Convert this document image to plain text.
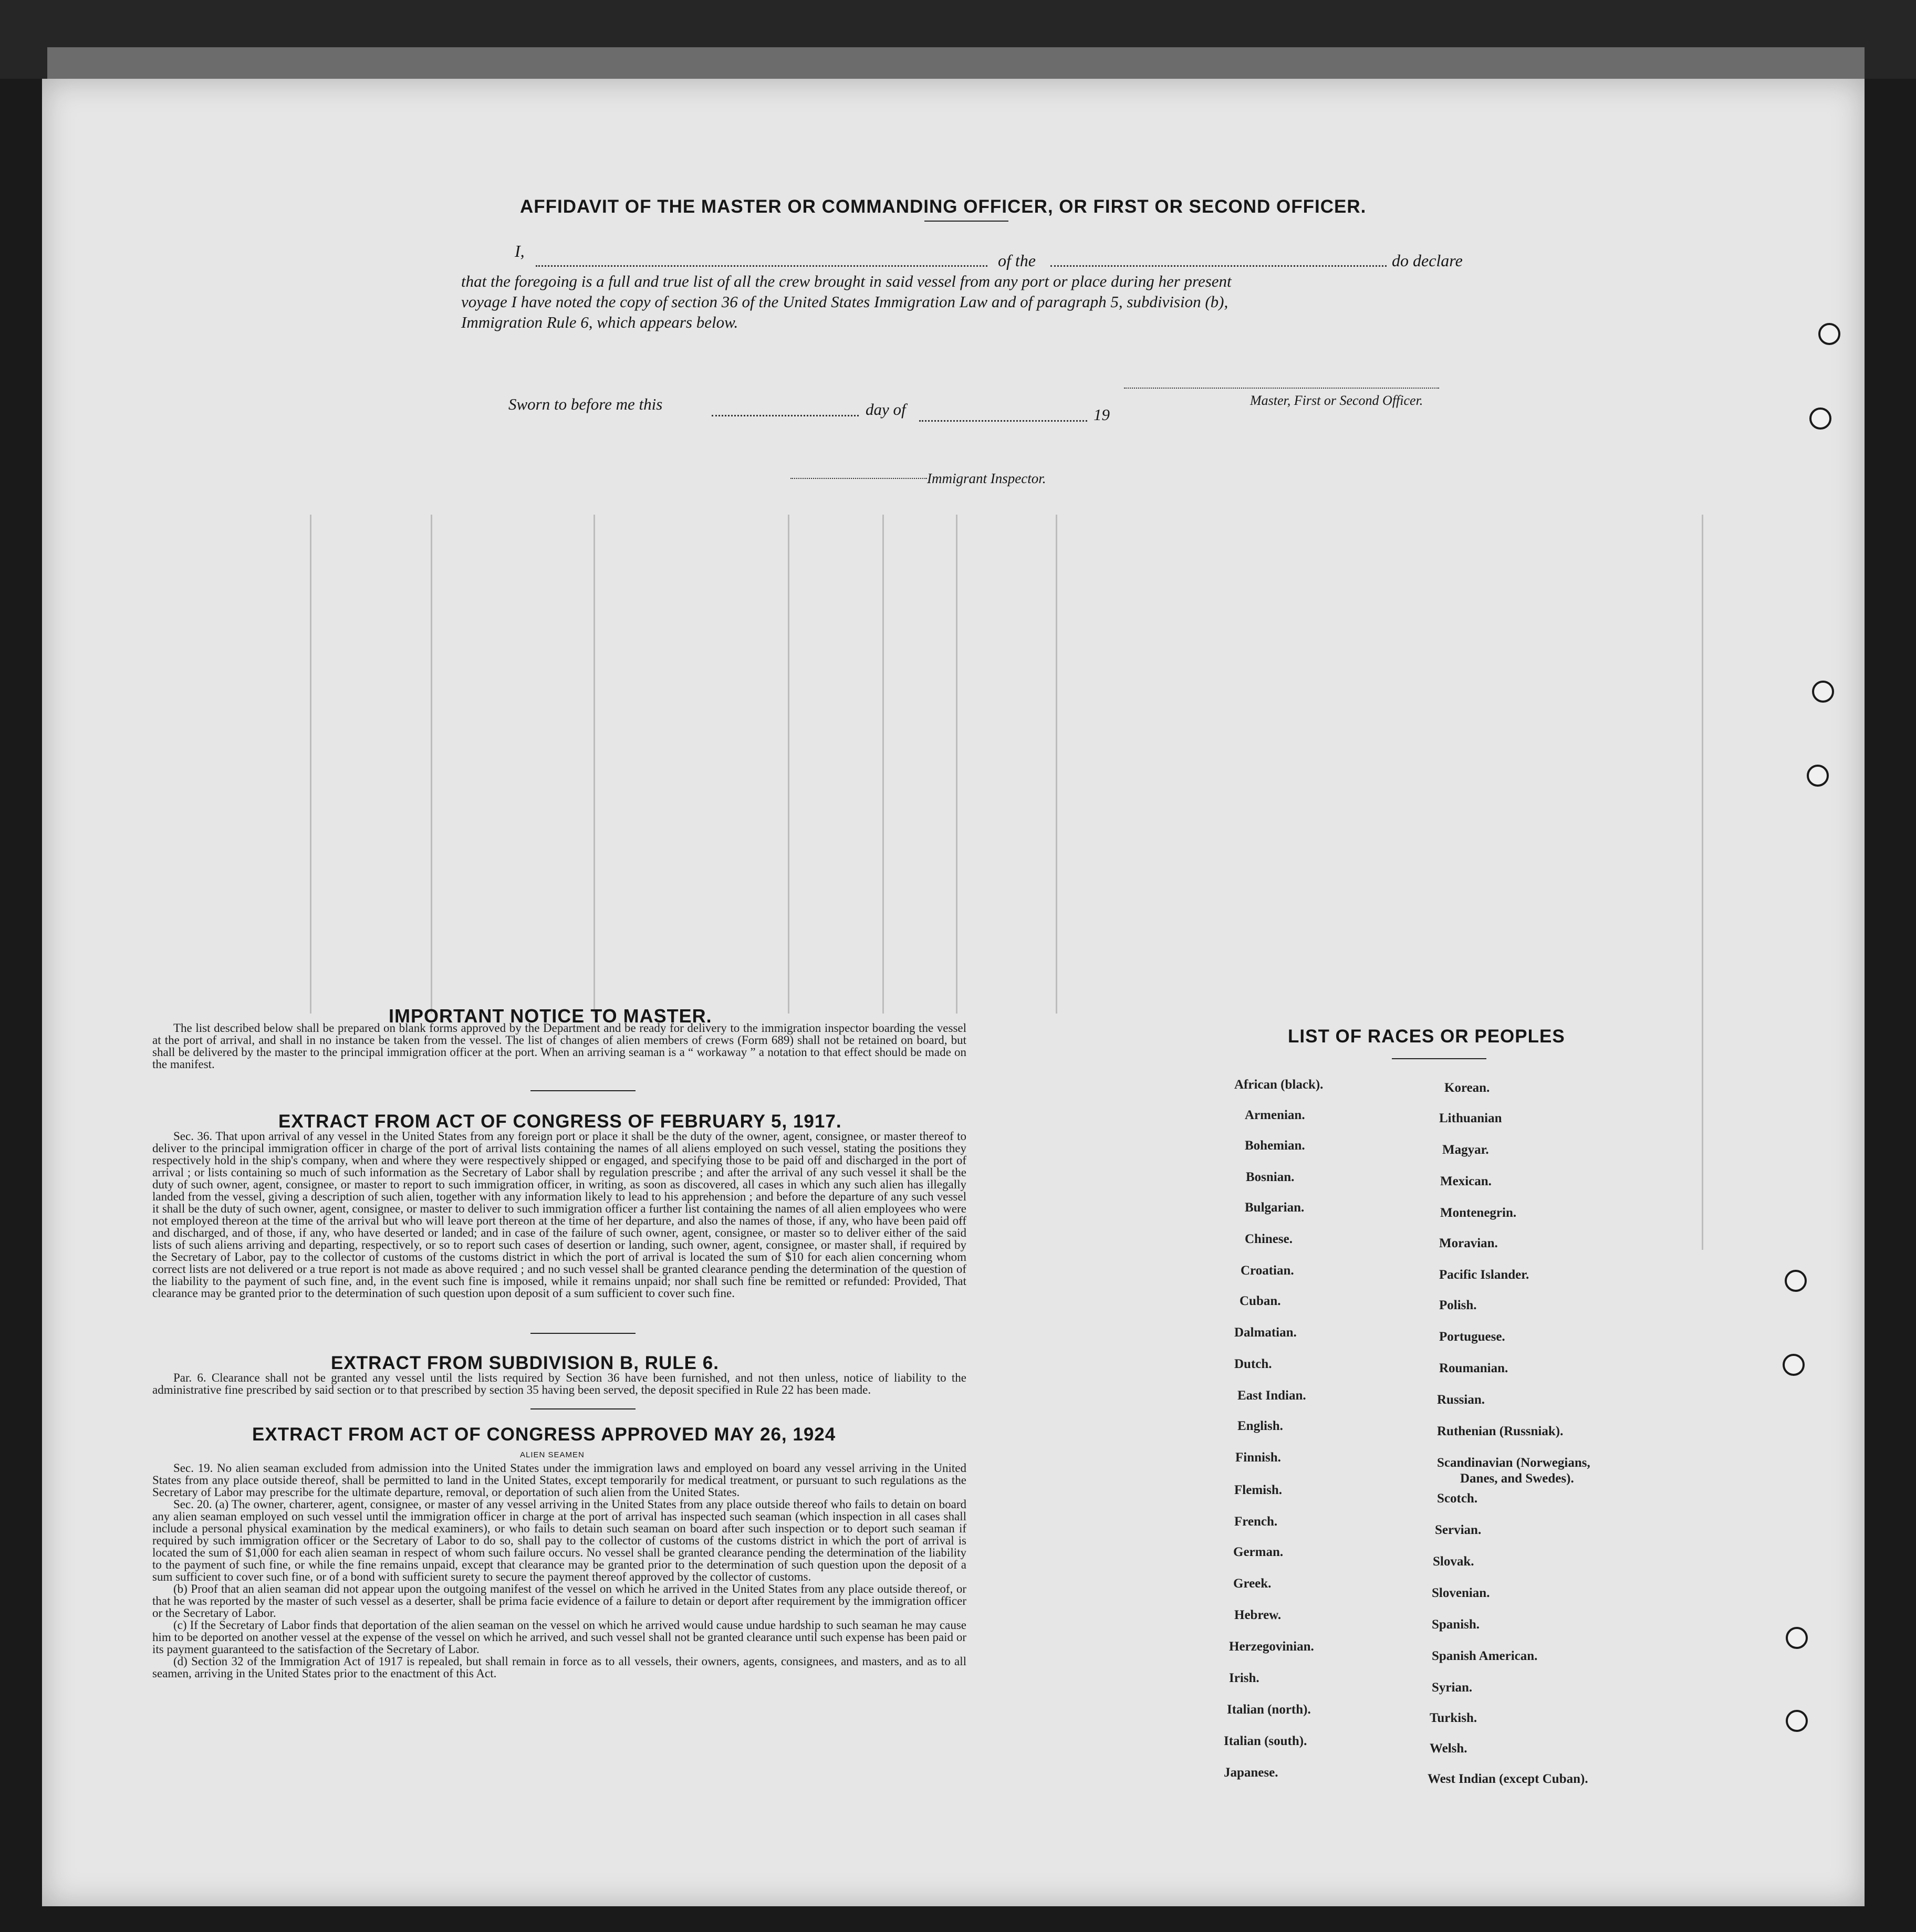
AFFIDAVIT OF THE MASTER OR COMMANDING OFFICER, OR FIRST OR SECOND OFFICER.
I,	of the	do declare
that the foregoing is a full and true list of all the crew brought in said vessel from any port or place during her present
voyage I have noted the copy of section 36 of the United States Immigration Law and of paragraph 5, subdivision (b),
Immigration Rule 6, which appears below.
Master, First or Second Officer.
Sworn to before me this	day of	19
Immigrant Inspector.
IMPORTANT NOTICE TO MASTER.

The list described below shall be prepared on blank forms approved by the Department and be ready for delivery to the immigration inspector boarding the vessel at the port of arrival, and shall in no instance be taken from the vessel. The list of changes of alien members of crews (Form 689) shall not be retained on board, but shall be delivered by the master to the principal immigration officer at the port. When an arriving seaman is a “ workaway ” a notation to that effect should be made on the manifest.

EXTRACT FROM ACT OF CONGRESS OF FEBRUARY 5, 1917.

Sec. 36. That upon arrival of any vessel in the United States from any foreign port or place it shall be the duty of the owner, agent, consignee, or master thereof to deliver to the principal immigration officer in charge of the port of arrival lists containing the names of all aliens employed on such vessel, stating the positions they respectively hold in the ship's company, when and where they were respectively shipped or engaged, and specifying those to be paid off and discharged in the port of arrival ; or lists containing so much of such information as the Secretary of Labor shall by regulation prescribe ; and after the arrival of any such vessel it shall be the duty of such owner, agent, consignee, or master to report to such immigration officer, in writing, as soon as discovered, all cases in which any such alien has illegally landed from the vessel, giving a description of such alien, together with any information likely to lead to his apprehension ; and before the departure of any such vessel it shall be the duty of such owner, agent, consignee, or master to deliver to such immigration officer a further list containing the names of all alien employees who were not employed thereon at the time of the arrival but who will leave port thereon at the time of her departure, and also the names of those, if any, who have been paid off and discharged, and of those, if any, who have deserted or landed; and in case of the failure of such owner, agent, consignee, or master so to deliver either of the said lists of such aliens arriving and departing, respectively, or so to report such cases of desertion or landing, such owner, agent, consignee, or master shall, if required by the Secretary of Labor, pay to the collector of customs of the customs district in which the port of arrival is located the sum of $10 for each alien concerning whom correct lists are not delivered or a true report is not made as above required ; and no such vessel shall be granted clearance pending the determination of the question of the liability to the payment of such fine, and, in the event such fine is imposed, while it remains unpaid; nor shall such fine be remitted or refunded: Provided, That clearance may be granted prior to the determination of such question upon deposit of a sum sufficient to cover such fine.

EXTRACT FROM SUBDIVISION B, RULE 6.

Par. 6. Clearance shall not be granted any vessel until the lists required by Section 36 have been furnished, and not then unless, notice of liability to the administrative fine prescribed by said section or to that prescribed by section 35 having been served, the deposit specified in Rule 22 has been made.

EXTRACT FROM ACT OF CONGRESS APPROVED MAY 26, 1924
ALIEN SEAMEN

Sec. 19. No alien seaman excluded from admission into the United States under the immigration laws and employed on board any vessel arriving in the United States from any place outside thereof, shall be permitted to land in the United States, except temporarily for medical treatment, or pursuant to such regulations as the Secretary of Labor may prescribe for the ultimate departure, removal, or deportation of such alien from the United States.

Sec. 20. (a) The owner, charterer, agent, consignee, or master of any vessel arriving in the United States from any place outside thereof who fails to detain on board any alien seaman employed on such vessel until the immigration officer in charge at the port of arrival has inspected such seaman (which inspection in all cases shall include a personal physical examination by the medical examiners), or who fails to detain such seaman on board after such inspection or to deport such seaman if required by such immigration officer or the Secretary of Labor to do so, shall pay to the collector of customs of the customs district in which the port of arrival is located the sum of $1,000 for each alien seaman in respect of whom such failure occurs. No vessel shall be granted clearance pending the determination of the liability to the payment of such fine, or while the fine remains unpaid, except that clearance may be granted prior to the determination of such question upon the deposit of a sum sufficient to cover such fine, or of a bond with sufficient surety to secure the payment thereof approved by the collector of customs.

(b) Proof that an alien seaman did not appear upon the outgoing manifest of the vessel on which he arrived in the United States from any place outside thereof, or that he was reported by the master of such vessel as a deserter, shall be prima facie evidence of a failure to detain or deport after requirement by the immigration officer or the Secretary of Labor.

(c) If the Secretary of Labor finds that deportation of the alien seaman on the vessel on which he arrived would cause undue hardship to such seaman he may cause him to be deported on another vessel at the expense of the vessel on which he arrived, and such vessel shall not be granted clearance until such expense has been paid or its payment guaranteed to the satisfaction of the Secretary of Labor.

(d) Section 32 of the Immigration Act of 1917 is repealed, but shall remain in force as to all vessels, their owners, agents, consignees, and masters, and as to all seamen, arriving in the United States prior to the enactment of this Act.

LIST OF RACES OR PEOPLES
African (black).
Armenian.
Bohemian.
Bosnian.
Bulgarian.
Chinese.
Croatian.
Cuban.
Dalmatian.
Dutch.
East Indian.
English.
Finnish.
Flemish.
French.
German.
Greek.
Hebrew.
Herzegovinian.
Irish.
Italian (north).
Italian (south).
Japanese.
Korean.
Lithuanian
Magyar.
Mexican.
Montenegrin.
Moravian.
Pacific Islander.
Polish.
Portuguese.
Roumanian.
Russian.
Ruthenian (Russniak).
Scandinavian (Norwegians,
Danes, and Swedes).
Scotch.
Servian.
Slovak.
Slovenian.
Spanish.
Spanish American.
Syrian.
Turkish.
Welsh.
West Indian (except Cuban).
